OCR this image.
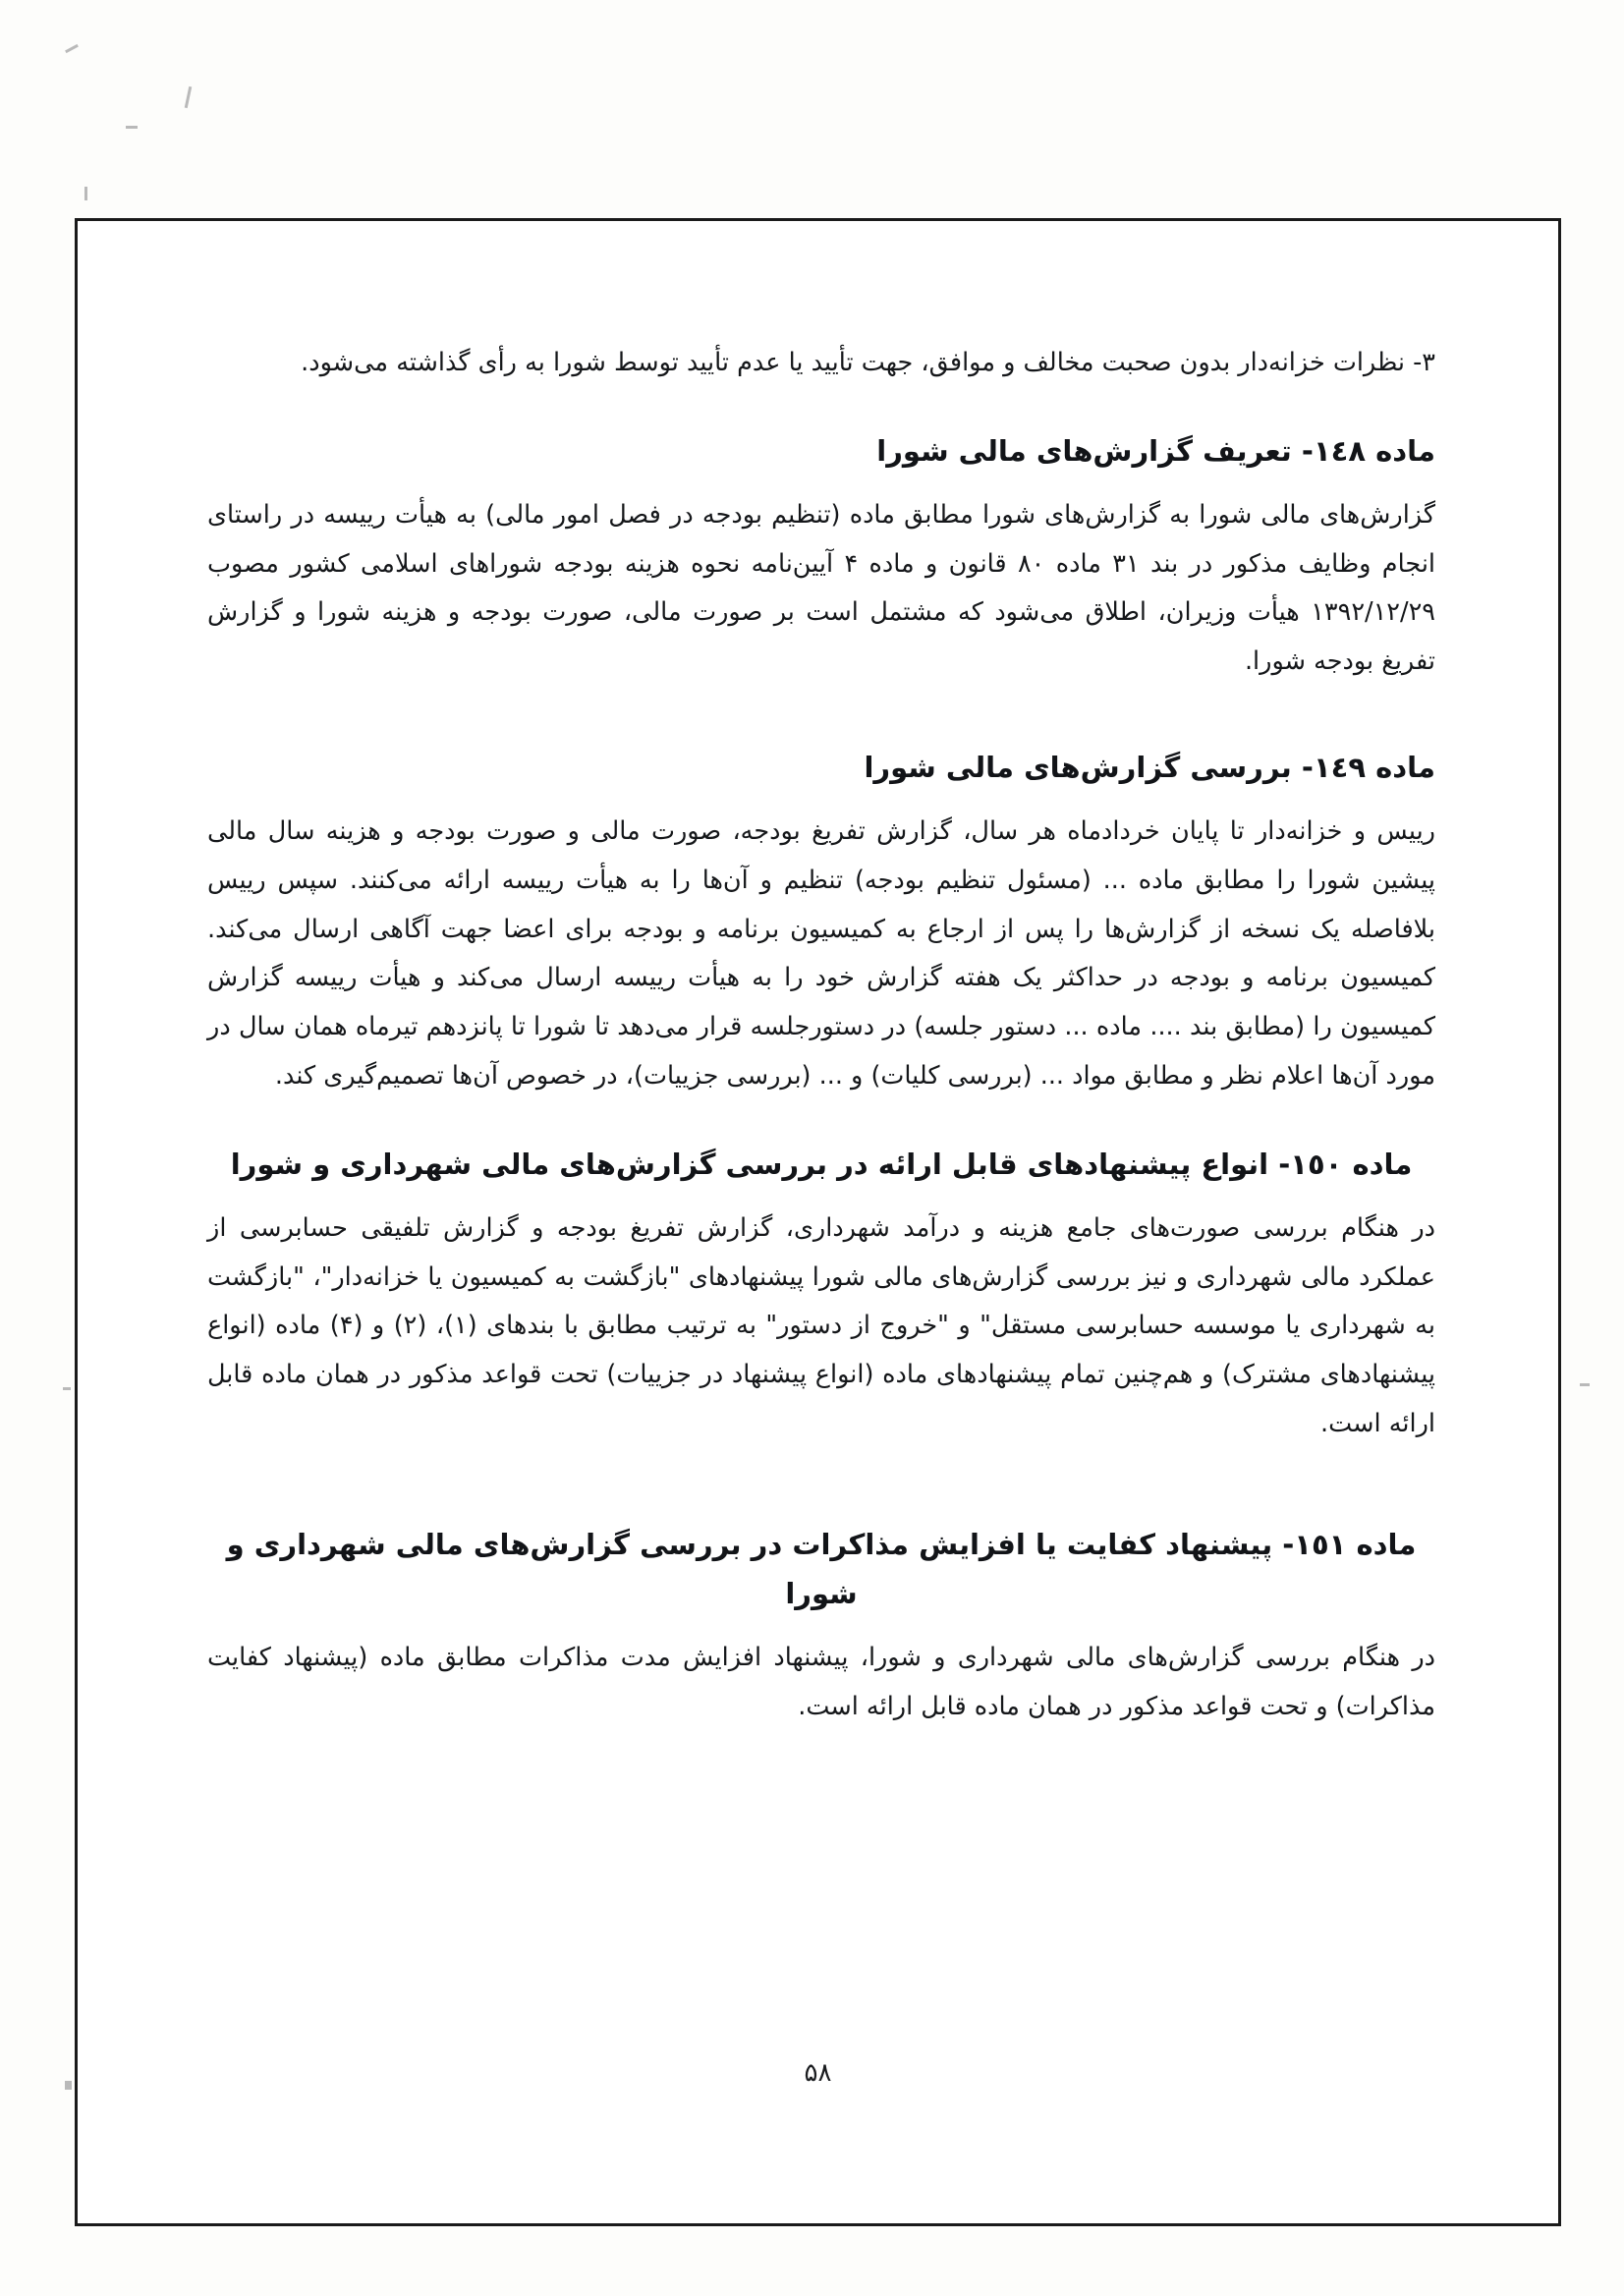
۳- نظرات خزانه‌دار بدون صحبت مخالف و موافق، جهت تأیید یا عدم تأیید توسط شورا به رأی گذاشته می‌شود.

ماده ١٤٨- تعریف گزارش‌های مالی شورا

گزارش‌های مالی شورا به گزارش‌های شورا مطابق ماده (تنظیم بودجه در فصل امور مالی) به هیأت رییسه در راستای انجام وظایف مذکور در بند ۳۱ ماده ۸۰ قانون و ماده ۴ آیین‌نامه نحوه هزینه بودجه شوراهای اسلامی کشور مصوب ۱۳۹۲/۱۲/۲۹ هیأت وزیران، اطلاق می‌شود که مشتمل است بر صورت مالی، صورت بودجه و هزینه شورا و گزارش تفریغ بودجه شورا.

ماده ١٤٩- بررسی گزارش‌های مالی شورا

رییس و خزانه‌دار تا پایان خردادماه هر سال، گزارش تفریغ بودجه، صورت مالی و صورت بودجه و هزینه سال مالی پیشین شورا را مطابق ماده ... (مسئول تنظیم بودجه) تنظیم و آن‌ها را به هیأت رییسه ارائه می‌کنند. سپس رییس بلافاصله یک نسخه از گزارش‌ها را پس از ارجاع به کمیسیون برنامه و بودجه برای اعضا جهت آگاهی ارسال می‌کند. کمیسیون برنامه و بودجه در حداکثر یک هفته گزارش خود را به هیأت رییسه ارسال می‌کند و هیأت رییسه گزارش کمیسیون را (مطابق بند .... ماده ... دستور جلسه) در دستورجلسه قرار می‌دهد تا شورا تا پانزدهم تیرماه همان سال در مورد آن‌ها اعلام نظر و مطابق مواد ... (بررسی کلیات) و ... (بررسی جزییات)، در خصوص آن‌ها تصمیم‌گیری کند.

ماده ١٥٠- انواع پیشنهادهای قابل ارائه در بررسی گزارش‌های مالی شهرداری و شورا

در هنگام بررسی صورت‌های جامع هزینه و درآمد شهرداری، گزارش تفریغ بودجه و گزارش تلفیقی حسابرسی از عملکرد مالی شهرداری و نیز بررسی گزارش‌های مالی شورا پیشنهادهای "بازگشت به کمیسیون یا خزانه‌دار"، "بازگشت به شهرداری یا موسسه حسابرسی مستقل" و "خروج از دستور" به ترتیب مطابق با بندهای (۱)، (۲) و (۴) ماده (انواع پیشنهادهای مشترک) و هم‌چنین تمام پیشنهادهای ماده (انواع پیشنهاد در جزییات) تحت قواعد مذکور در همان ماده قابل ارائه است.

ماده ١٥١- پیشنهاد کفایت یا افزایش مذاکرات در بررسی گزارش‌های مالی شهرداری و شورا

در هنگام بررسی گزارش‌های مالی شهرداری و شورا، پیشنهاد افزایش مدت مذاکرات مطابق ماده (پیشنهاد کفایت مذاکرات) و تحت قواعد مذکور در همان ماده قابل ارائه است.

۵۸
